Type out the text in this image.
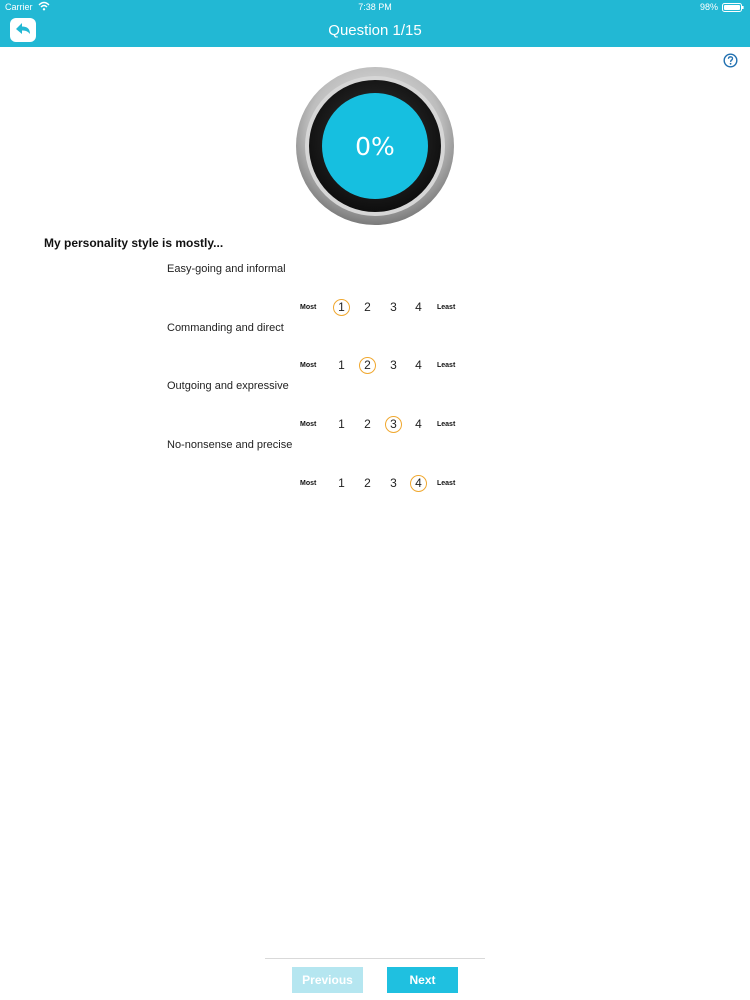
Carrier	7:38 PM	98%
Question 1/15
0%
My personality style is mostly...
Easy-going and informal
Most	1	2	3	4	Least
Commanding and direct
Most	1	2	3	4	Least
Outgoing and expressive
Most	1	2	3	4	Least
No-nonsense and precise
Most	1	2	3	4	Least
Previous	Next
